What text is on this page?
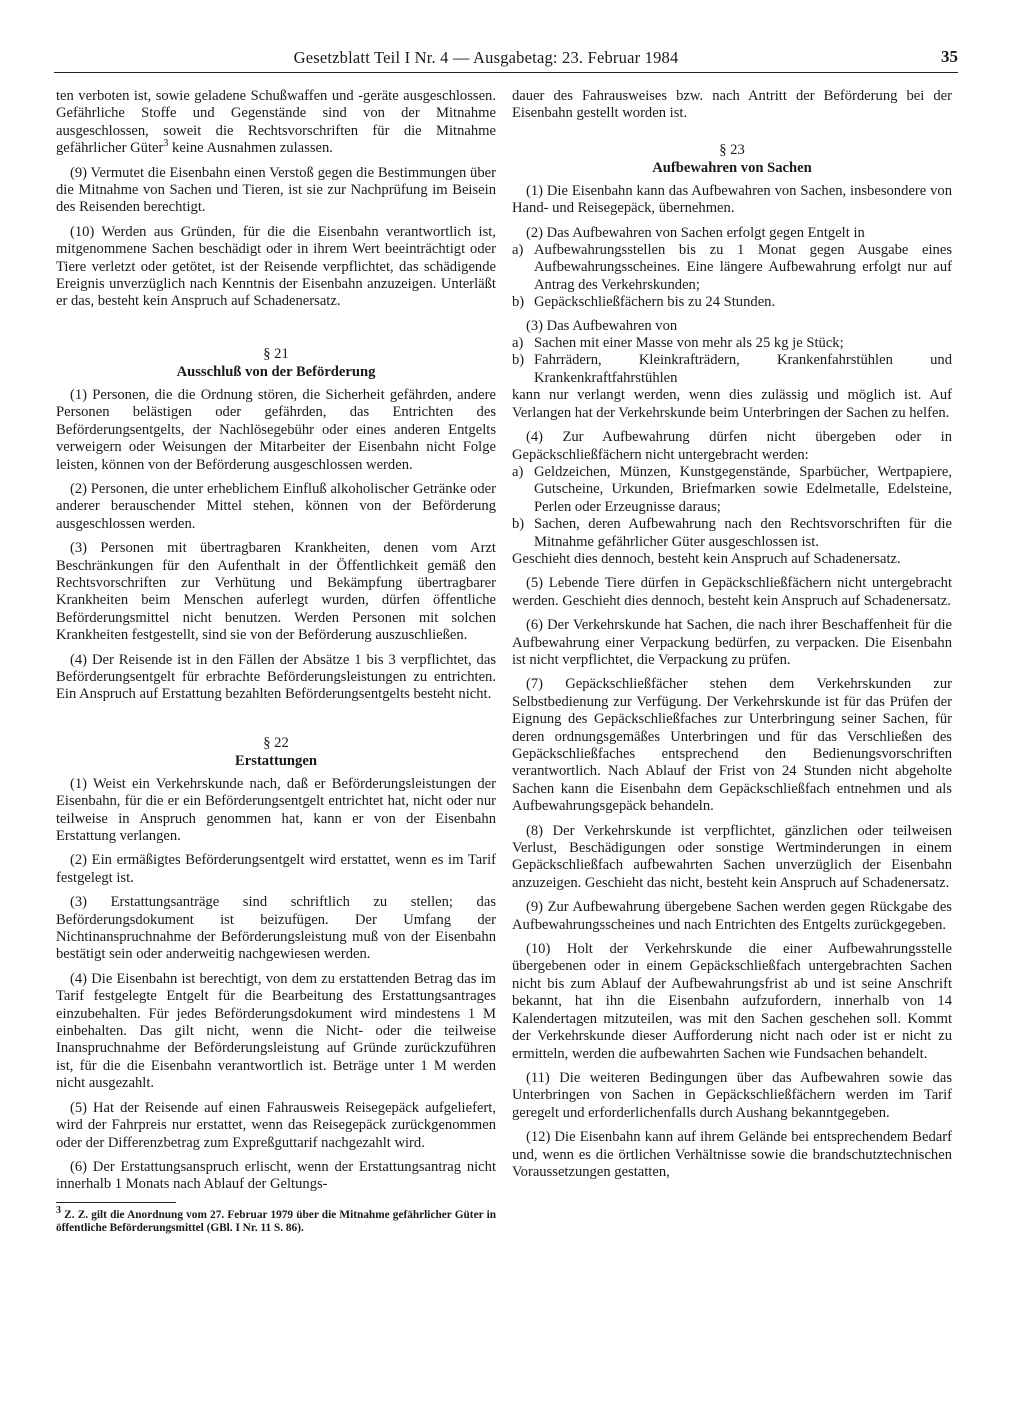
Gesetzblatt Teil I Nr. 4 — Ausgabetag: 23. Februar 1984	35

ten verboten ist, sowie geladene Schußwaffen und -geräte ausgeschlossen. Gefährliche Stoffe und Gegenstände sind von der Mitnahme ausgeschlossen, soweit die Rechtsvorschriften für die Mitnahme gefährlicher Güter$^3$ keine Ausnahmen zulassen.

(9) Vermutet die Eisenbahn einen Verstoß gegen die Bestimmungen über die Mitnahme von Sachen und Tieren, ist sie zur Nachprüfung im Beisein des Reisenden berechtigt.

(10) Werden aus Gründen, für die die Eisenbahn verantwortlich ist, mitgenommene Sachen beschädigt oder in ihrem Wert beeinträchtigt oder Tiere verletzt oder getötet, ist der Reisende verpflichtet, das schädigende Ereignis unverzüglich nach Kenntnis der Eisenbahn anzuzeigen. Unterläßt er das, besteht kein Anspruch auf Schadenersatz.

§ 21

Ausschluß von der Beförderung

(1) Personen, die die Ordnung stören, die Sicherheit gefährden, andere Personen belästigen oder gefährden, das Entrichten des Beförderungsentgelts, der Nachlösegebühr oder eines anderen Entgelts verweigern oder Weisungen der Mitarbeiter der Eisenbahn nicht Folge leisten, können von der Beförderung ausgeschlossen werden.

(2) Personen, die unter erheblichem Einfluß alkoholischer Getränke oder anderer berauschender Mittel stehen, können von der Beförderung ausgeschlossen werden.

(3) Personen mit übertragbaren Krankheiten, denen vom Arzt Beschränkungen für den Aufenthalt in der Öffentlichkeit gemäß den Rechtsvorschriften zur Verhütung und Bekämpfung übertragbarer Krankheiten beim Menschen auferlegt wurden, dürfen öffentliche Beförderungsmittel nicht benutzen. Werden Personen mit solchen Krankheiten festgestellt, sind sie von der Beförderung auszuschließen.

(4) Der Reisende ist in den Fällen der Absätze 1 bis 3 verpflichtet, das Beförderungsentgelt für erbrachte Beförderungsleistungen zu entrichten. Ein Anspruch auf Erstattung bezahlten Beförderungsentgelts besteht nicht.

§ 22

Erstattungen

(1) Weist ein Verkehrskunde nach, daß er Beförderungsleistungen der Eisenbahn, für die er ein Beförderungsentgelt entrichtet hat, nicht oder nur teilweise in Anspruch genommen hat, kann er von der Eisenbahn Erstattung verlangen.

(2) Ein ermäßigtes Beförderungsentgelt wird erstattet, wenn es im Tarif festgelegt ist.

(3) Erstattungsanträge sind schriftlich zu stellen; das Beförderungsdokument ist beizufügen. Der Umfang der Nichtinanspruchnahme der Beförderungsleistung muß von der Eisenbahn bestätigt sein oder anderweitig nachgewiesen werden.

(4) Die Eisenbahn ist berechtigt, von dem zu erstattenden Betrag das im Tarif festgelegte Entgelt für die Bearbeitung des Erstattungsantrages einzubehalten. Für jedes Beförderungsdokument wird mindestens 1 M einbehalten. Das gilt nicht, wenn die Nicht- oder die teilweise Inanspruchnahme der Beförderungsleistung auf Gründe zurückzuführen ist, für die die Eisenbahn verantwortlich ist. Beträge unter 1 M werden nicht ausgezahlt.

(5) Hat der Reisende auf einen Fahrausweis Reisegepäck aufgeliefert, wird der Fahrpreis nur erstattet, wenn das Reisegepäck zurückgenommen oder der Differenzbetrag zum Expreßguttarif nachgezahlt wird.

(6) Der Erstattungsanspruch erlischt, wenn der Erstattungsantrag nicht innerhalb 1 Monats nach Ablauf der Geltungs-

$^3$ Z. Z. gilt die Anordnung vom 27. Februar 1979 über die Mitnahme gefährlicher Güter in öffentliche Beförderungsmittel (GBl. I Nr. 11 S. 86).

dauer des Fahrausweises bzw. nach Antritt der Beförderung bei der Eisenbahn gestellt worden ist.

§ 23

Aufbewahren von Sachen

(1) Die Eisenbahn kann das Aufbewahren von Sachen, insbesondere von Hand- und Reisegepäck, übernehmen.

(2) Das Aufbewahren von Sachen erfolgt gegen Entgelt in

a) Aufbewahrungsstellen bis zu 1 Monat gegen Ausgabe eines Aufbewahrungsscheines. Eine längere Aufbewahrung erfolgt nur auf Antrag des Verkehrskunden;
b) Gepäckschließfächern bis zu 24 Stunden.

(3) Das Aufbewahren von

a) Sachen mit einer Masse von mehr als 25 kg je Stück;
b) Fahrrädern, Kleinkrafträdern, Krankenfahrstühlen und Krankenkraftfahrstühlen

kann nur verlangt werden, wenn dies zulässig und möglich ist. Auf Verlangen hat der Verkehrskunde beim Unterbringen der Sachen zu helfen.

(4) Zur Aufbewahrung dürfen nicht übergeben oder in Gepäckschließfächern nicht untergebracht werden:

a) Geldzeichen, Münzen, Kunstgegenstände, Sparbücher, Wertpapiere, Gutscheine, Urkunden, Briefmarken sowie Edelmetalle, Edelsteine, Perlen oder Erzeugnisse daraus;
b) Sachen, deren Aufbewahrung nach den Rechtsvorschriften für die Mitnahme gefährlicher Güter ausgeschlossen ist.

Geschieht dies dennoch, besteht kein Anspruch auf Schadenersatz.

(5) Lebende Tiere dürfen in Gepäckschließfächern nicht untergebracht werden. Geschieht dies dennoch, besteht kein Anspruch auf Schadenersatz.

(6) Der Verkehrskunde hat Sachen, die nach ihrer Beschaffenheit für die Aufbewahrung einer Verpackung bedürfen, zu verpacken. Die Eisenbahn ist nicht verpflichtet, die Verpackung zu prüfen.

(7) Gepäckschließfächer stehen dem Verkehrskunden zur Selbstbedienung zur Verfügung. Der Verkehrskunde ist für das Prüfen der Eignung des Gepäckschließfaches zur Unterbringung seiner Sachen, für deren ordnungsgemäßes Unterbringen und für das Verschließen des Gepäckschließfaches entsprechend den Bedienungsvorschriften verantwortlich. Nach Ablauf der Frist von 24 Stunden nicht abgeholte Sachen kann die Eisenbahn dem Gepäckschließfach entnehmen und als Aufbewahrungsgepäck behandeln.

(8) Der Verkehrskunde ist verpflichtet, gänzlichen oder teilweisen Verlust, Beschädigungen oder sonstige Wertminderungen in einem Gepäckschließfach aufbewahrten Sachen unverzüglich der Eisenbahn anzuzeigen. Geschieht das nicht, besteht kein Anspruch auf Schadenersatz.

(9) Zur Aufbewahrung übergebene Sachen werden gegen Rückgabe des Aufbewahrungsscheines und nach Entrichten des Entgelts zurückgegeben.

(10) Holt der Verkehrskunde die einer Aufbewahrungsstelle übergebenen oder in einem Gepäckschließfach untergebrachten Sachen nicht bis zum Ablauf der Aufbewahrungsfrist ab und ist seine Anschrift bekannt, hat ihn die Eisenbahn aufzufordern, innerhalb von 14 Kalendertagen mitzuteilen, was mit den Sachen geschehen soll. Kommt der Verkehrskunde dieser Aufforderung nicht nach oder ist er nicht zu ermitteln, werden die aufbewahrten Sachen wie Fundsachen behandelt.

(11) Die weiteren Bedingungen über das Aufbewahren sowie das Unterbringen von Sachen in Gepäckschließfächern werden im Tarif geregelt und erforderlichenfalls durch Aushang bekanntgegeben.

(12) Die Eisenbahn kann auf ihrem Gelände bei entsprechendem Bedarf und, wenn es die örtlichen Verhältnisse sowie die brandschutztechnischen Voraussetzungen gestatten,
